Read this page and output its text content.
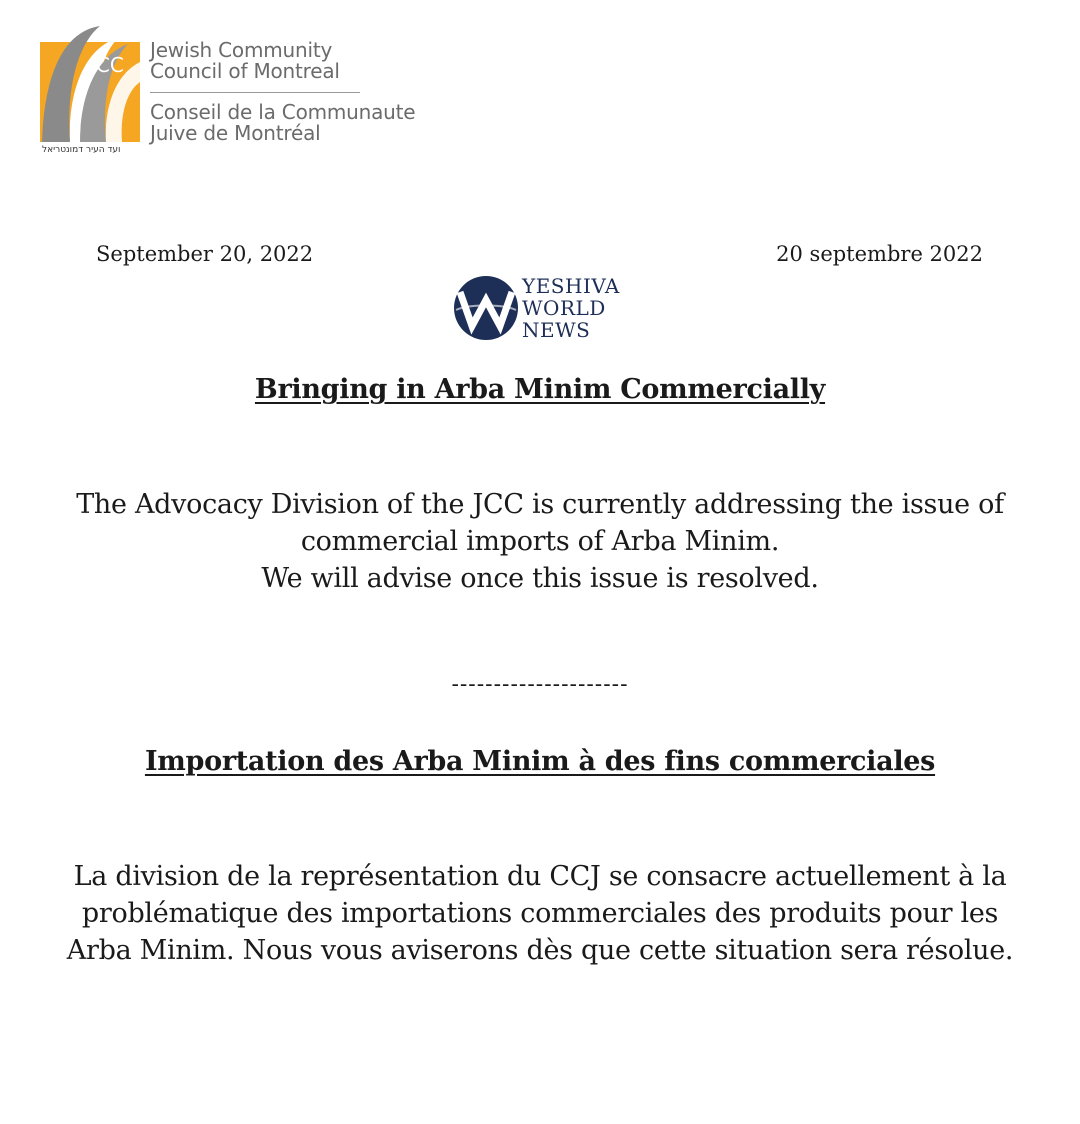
JCC
Jewish Community
Council of Montreal
Conseil de la Communaute
Juive de Montréal
ועד העיר דמונטריאל
September 20, 2022	20 septembre 2022
YESHIVA
WORLD
NEWS
Bringing in Arba Minim Commercially
The Advocacy Division of the JCC is currently addressing the issue of
commercial imports of Arba Minim.
We will advise once this issue is resolved.
---------------------
Importation des Arba Minim à des fins commerciales
La division de la représentation du CCJ se consacre actuellement à la
problématique des importations commerciales des produits pour les
Arba Minim. Nous vous aviserons dès que cette situation sera résolue.
